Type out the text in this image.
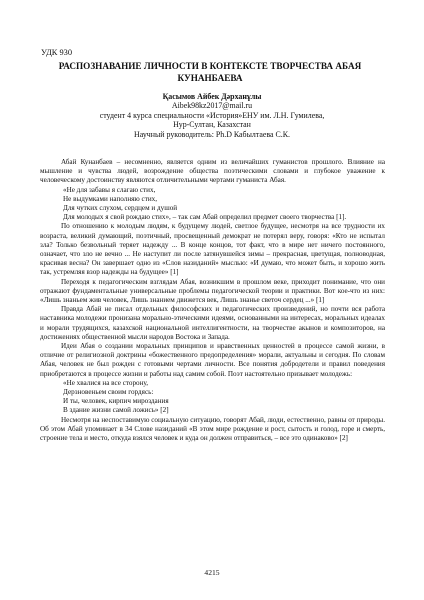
УДК 930
РАСПОЗНАВАНИЕ ЛИЧНОСТИ В КОНТЕКСТЕ ТВОРЧЕСТВА АБАЯ КУНАНБАЕВА
Қасымов Айбек Дəрханұлы
Aibek98kz2017@mail.ru
студент 4 курса специальности «История»ЕНУ им. Л.Н. Гумилева,
Нур-Султан, Казахстан
Научный руководитель: Ph.D Кабылтаева С.К.

Абай Кунанбаев – несомненно, является одним из величайших гуманистов прошлого. Влияние на мышление и чувства людей, возрождение общества поэтическими словами и глубокое уважение к человеческому достоинству являются отличительными чертами гуманиста Абая.

«Не для забавы я слагаю стих,

Не выдумками наполняю стих,

Для чутких слухом, сердцем и душой

Для молодых я свой рождаю стих», – так сам Абай определил предмет своего творчества [1].

По отношению к молодым людям, к будущему людей, светлое будущее, несмотря на все трудности их возраста, великий думающий, поэтичный, просвещенный демократ не потерял веру, говоря: «Кто не испытал зла? Только безвольный теряет надежду ... В конце концов, тот факт, что в мире нет ничего постоянного, означает, что зло не вечно ... Не наступит ли после затянувшейся зимы – прекрасная, цветущая, полноводная, красивая весна? Он завершает одно из «Слов назиданий» мыслью: «И думаю, что может быть, и хорошо жить так, устремляя взор надежды на будущее» [1]

Переходя к педагогическим взглядам Абая, возникшим в прошлом веке, приходит понимание, что они отражают фундаментальные универсальные проблемы педагогической теории и практики. Вот кое-что из них: «Лишь знаньем жив человек, Лишь знанием движется век, Лишь знанье светоч сердец ...» [1]

Правда Абай не писал отдельных философских и педагогических произведений, но почти вся работа наставника молодежи пронизана морально-этическими идеями, основанными на интересах, моральных идеалах и морали трудящихся, казахской национальной интеллигентности, на творчестве акынов и композиторов, на достижениях общественной мысли народов Востока и Запада.

Идеи Абая о создании моральных принципов и нравственных ценностей в процессе самой жизни, в отличие от религиозной доктрины «божественного предопределения» морали, актуальны и сегодня. По словам Абая, человек не был рожден с готовыми чертами личности. Все понятия добродетели и правил поведения приобретаются в процессе жизни и работы над самим собой. Поэт настоятельно призывает молодежь:

«Не хвалися на все сторону,

Дерзновеньем своим гордясь:

И ты, человек, кирпич мироздания

В здание жизни самой ложись» [2]

Несмотря на неспоставимую социальную ситуацию, говорят Абай, люди, естественно, равны от природы. Об этом Абай упоминает в 34 Слове назиданий «В этом мире рождение и рост, сытость и голод, горе и смерть, строение тела и место, откуда взялся человек и куда он должен отправиться, – все это одинаково» [2]

4215
